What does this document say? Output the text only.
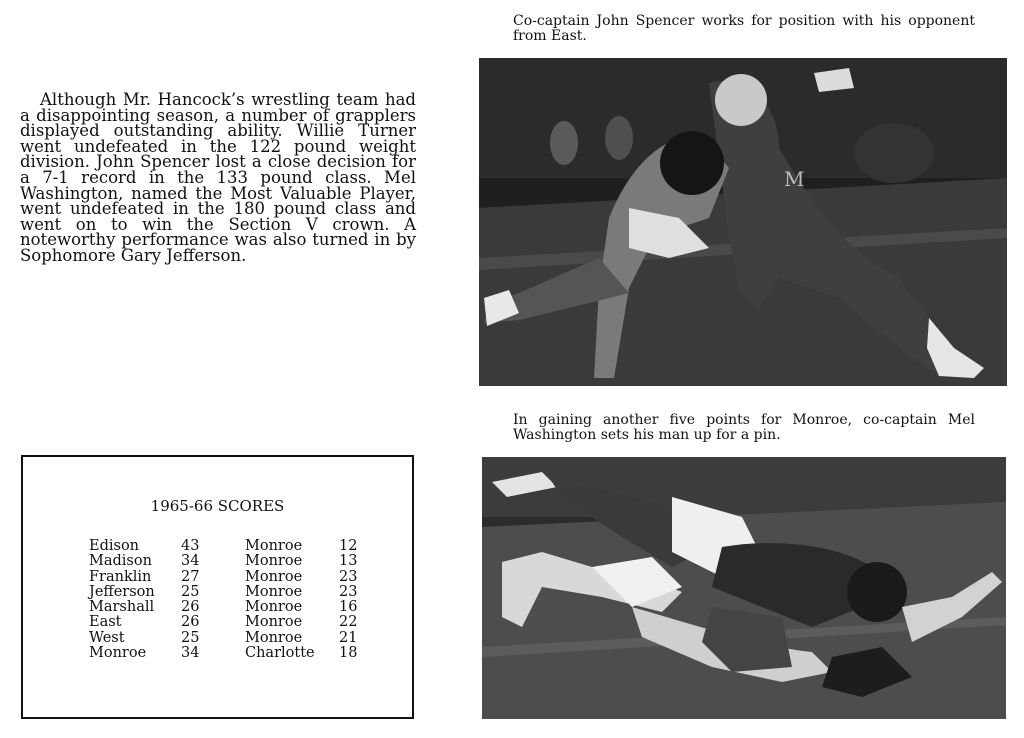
Although Mr. Hancock’s wrestling team had a disappointing season, a number of grapplers displayed outstanding ability. Willie Turner went undefeated in the 122 pound weight division. John Spencer lost a close decision for a 7-1 record in the 133 pound class. Mel Washington, named the Most Valuable Player, went undefeated in the 180 pound class and went on to win the Section V crown. A noteworthy performance was also turned in by Sophomore Gary Jefferson.

Co-captain John Spencer works for position with his opponent from East.

M

In gaining another five points for Monroe, co-captain Mel Washington sets his man up for a pin.

1965-66 SCORES

Edison	43	Monroe	12
Madison	34	Monroe	13
Franklin	27	Monroe	23
Jefferson	25	Monroe	23
Marshall	26	Monroe	16
East	26	Monroe	22
West	25	Monroe	21
Monroe	34	Charlotte	18
